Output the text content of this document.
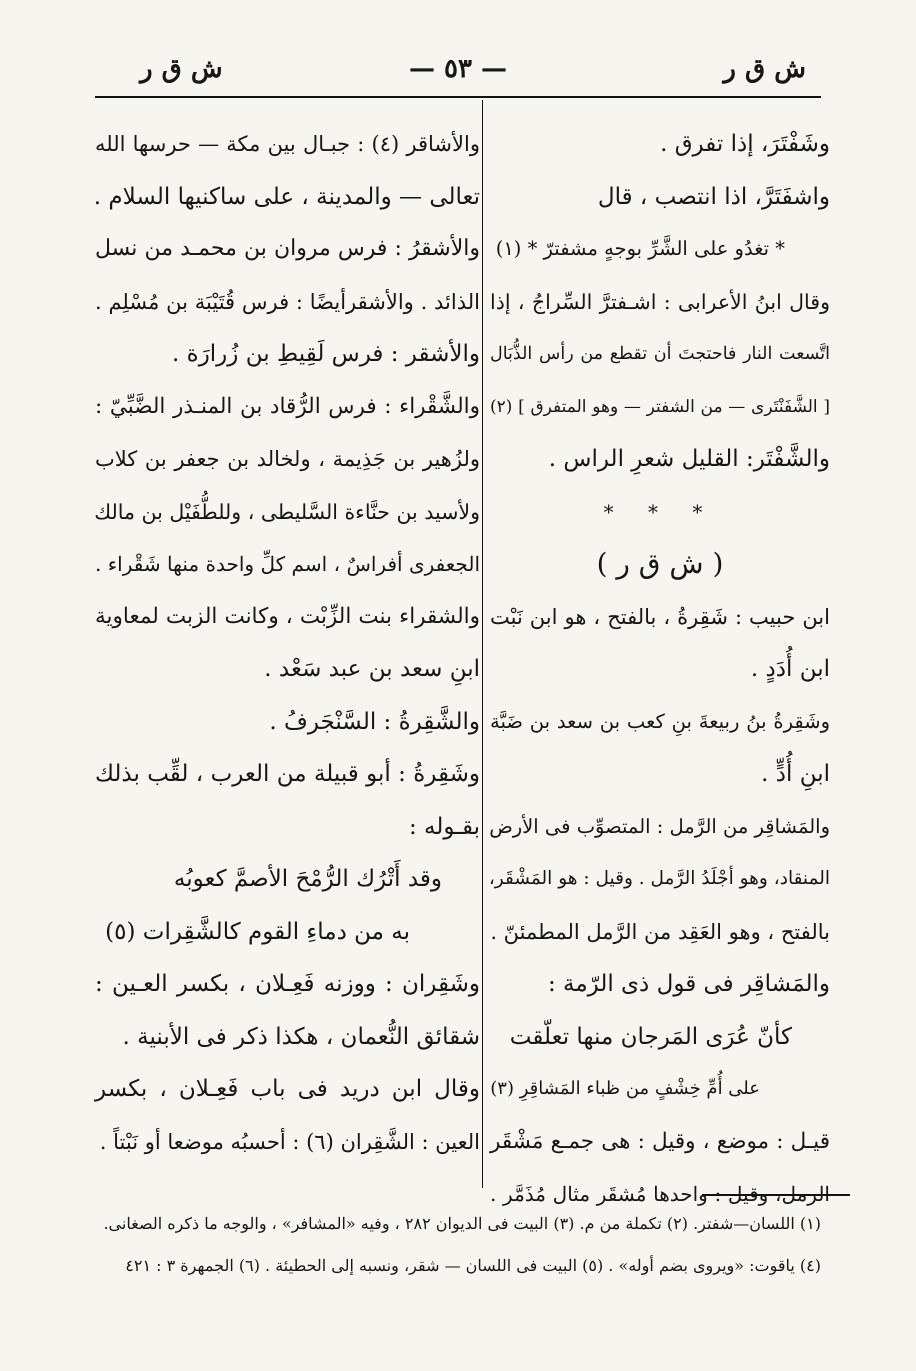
ش ق ر
— ٥٣ —
ش ق ر
وشَفْتَرَ، إذا تفرق .
واشفَتَرَّ، اذا انتصب ، قال
* تغدُو على الشَّرِّ بوجهٍ مشفترّ * (١)
وقال ابنُ الأعرابى : اشـفترَّ السِّراجُ ، إذا
اتَّسعت النار فاحتجتَ أن تقطع من رأس الذُّبَال
[ الشَّفَنْتَرى — من الشفتر — وهو المتفرق ] (٢)
والشَّفْتَر: القليل شعرِ الراس .
* * *
( ش ق ر )
ابن حبيب : شَقِرةُ ، بالفتح ، هو ابن نَبْت
ابن أُدَدٍ .
وشَقِرةُ بنُ ربيعةَ بنِ كعب بن سعد بن ضَبَّة
ابنِ أُدٍّ .
والمَشاقِر من الرَّمل : المتصوِّب فى الأرض
المنقاد، وهو أجْلَدُ الرَّمل . وقيل : هو المَشْقَر،
بالفتح ، وهو العَقِد من الرَّمل المطمئنّ .
والمَشاقِر فى قول ذى الرّمة :
كأنّ عُرَى المَرجان منها تعلّقت
على أُمِّ خِشْفٍ من ظباء المَشاقِرِ (٣)
قيـل : موضع ، وقيل : هى جمـع مَشْقَر
الرمل، وقيل : واحدها مُشقَر مثال مُذَمَّر .
والأشاقر (٤) : جبـال بين مكة — حرسها الله
تعالى — والمدينة ، على ساكنيها السلام .
والأشقرُ : فرس مروان بن محمـد من نسل
الذائد . والأشقرأيضًا : فرس قُتَيْبَة بن مُسْلِم .
والأشقر : فرس لَقِيطِ بن زُرارَة .
والشَّقْراء : فرس الرُّقاد بن المنـذر الضَّبِّيّ :
ولزُهير بن جَذِيمة ، ولخالد بن جعفر بن كلاب
ولأسيد بن حنَّاءة السَّليطى ، وللطُّفَيْل بن مالك
الجعفرى أفراسٌ ، اسم كلِّ واحدة منها شَقْراء .
والشقراء بنت الزِّبْت ، وكانت الزبت لمعاوية
ابنِ سعد بن عبد سَعْد .
والشَّقِرةُ : السَّنْجَرفُ .
وشَقِرةُ : أبو قبيلة من العرب ، لقِّب بذلك
بقـوله :
وقد أَتْرُك الرُّمْحَ الأصمَّ كعوبُه
به من دماءِ القوم كالشَّقِرات (٥)
وشَقِران : ووزنه فَعِـلان ، بكسر العـين :
شقائق النُّعمان ، هكذا ذكر فى الأبنية .
وقال ابن دريد فى باب فَعِـلان ، بكسر
العين : الشَّقِران (٦) : أحسبُه موضعا أو نَبْتاً .
(١) اللسان—شفتر. (٢) تكملة من م. (٣) البيت فى الديوان ٢٨٢ ، وفيه «المشافر» ، والوجه ما ذكره الصغانى.
(٤) ياقوت: «ويروى بضم أوله» . (٥) البيت فى اللسان — شقر، ونسبه إلى الحطيئة . (٦) الجمهرة ٣ : ٤٢١
